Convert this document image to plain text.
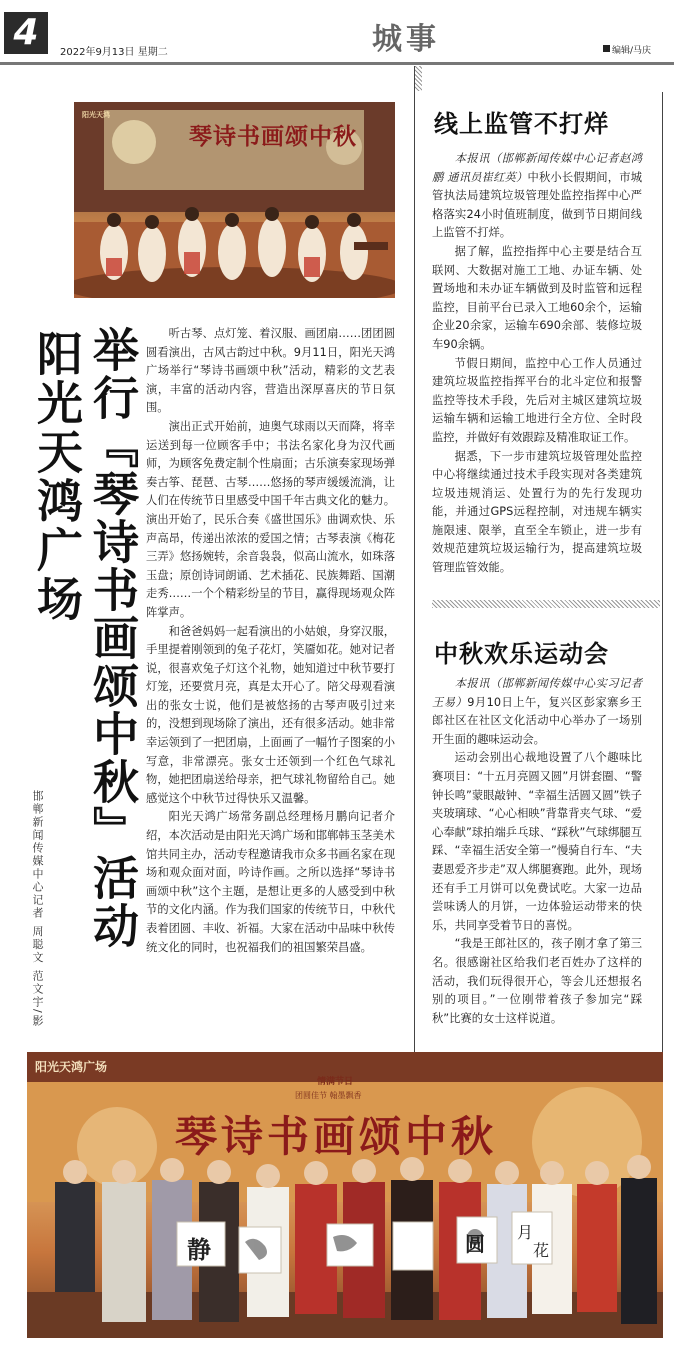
4	2022年9月13日 星期二	城事	编辑/马庆
阳光天鸿
琴诗书画颂中秋
阳光天鸿广场 举行『琴诗书画颂中秋』活动
邯郸新闻传媒中心记者 周聪文 范文宇/影

听古琴、点灯笼、着汉服、画团扇……团团圆圆看演出，古风古韵过中秋。9月11日，阳光天鸿广场举行“琴诗书画颂中秋”活动，精彩的文艺表演，丰富的活动内容，营造出深厚喜庆的节日氛围。

演出正式开始前，迪奥气球雨以天而降，将幸运送到每一位顾客手中；书法名家化身为汉代画师，为顾客免费定制个性扇面；古乐演奏家现场弹奏古筝、琵琶、古琴……悠扬的琴声缓缓流淌，让人们在传统节日里感受中国千年古典文化的魅力。演出开始了，民乐合奏《盛世国乐》曲调欢快、乐声高昂，传递出浓浓的爱国之情；古琴表演《梅花三弄》悠扬婉转，余音袅袅，似高山流水，如珠落玉盘；原创诗词朗诵、艺术插花、民族舞蹈、国潮走秀……一个个精彩纷呈的节目，赢得现场观众阵阵掌声。

和爸爸妈妈一起看演出的小姑娘，身穿汉服，手里提着刚领到的兔子花灯，笑靥如花。她对记者说，很喜欢兔子灯这个礼物，她知道过中秋节要打灯笼，还要赏月亮，真是太开心了。陪父母观看演出的张女士说，他们是被悠扬的古琴声吸引过来的，没想到现场除了演出，还有很多活动。她非常幸运领到了一把团扇，上面画了一幅竹子图案的小写意，非常漂亮。张女士还领到一个红色气球礼物，她把团扇送给母亲，把气球礼物留给自己。她感觉这个中秋节过得快乐又温馨。

阳光天鸿广场常务副总经理杨月鹏向记者介绍，本次活动是由阳光天鸿广场和邯郸韩玉茎美术馆共同主办，活动专程邀请我市众多书画名家在现场和观众面对面，吟诗作画。之所以选择“琴诗书画颂中秋”这个主题，是想让更多的人感受到中秋节的文化内涵。作为我们国家的传统节日，中秋代表着团圆、丰收、祈福。大家在活动中品味中秋传统文化的同时，也祝福我们的祖国繁荣昌盛。

线上监管不打烊

本报讯（邯郸新闻传媒中心记者赵鸿鹏 通讯员崔红英）中秋小长假期间，市城管执法局建筑垃圾管理处监控指挥中心严格落实24小时值班制度，做到节日期间线上监管不打烊。

据了解，监控指挥中心主要是结合互联网、大数据对施工工地、办证车辆、处置场地和未办证车辆做到及时监管和远程监控，目前平台已录入工地60余个，运输企业20余家，运输车690余部、装修垃圾车90余辆。

节假日期间，监控中心工作人员通过建筑垃圾监控指挥平台的北斗定位和报警监控等技术手段，先后对主城区建筑垃圾运输车辆和运输工地进行全方位、全时段监控，并做好有效跟踪及精准取证工作。

据悉，下一步市建筑垃圾管理处监控中心将继续通过技术手段实现对各类建筑垃圾违规消运、处置行为的先行发现功能，并通过GPS远程控制，对违规车辆实施限速、限挙，直至全车锁止，进一步有效规范建筑垃圾运输行为，提高建筑垃圾管理监管效能。

中秋欢乐运动会

本报讯（邯郸新闻传媒中心实习记者 王易）9月10日上午，复兴区彭家寨乡王郎社区在社区文化活动中心举办了一场别开生面的趣味运动会。

运动会别出心裁地设置了八个趣味比赛项目：“十五月亮圆又圆”月饼套圈、“警钟长鸣”蒙眼敲钟、“幸福生活圆又圆”铁子夹玻璃球、“心心相映”背靠背夹气球、“爱心奉献”球拍端乒乓球、“踩秋”气球绑腿互踩、“幸福生活安全第一”慢骑自行车、“夫妻恩爱齐步走”双人绑腿赛跑。此外，现场还有手工月饼可以免费试吃。大家一边品尝味诱人的月饼，一边体验运动带来的快乐，共同享受着节日的喜悦。

“我是王郎社区的，孩子刚才拿了第三名。很感谢社区给我们老百姓办了这样的活动，我们玩得很开心，等会儿还想报名别的项目。”一位刚带着孩子参加完“踩秋”比赛的女士这样说道。

阳光天鸿广场
情满节日
团圆佳节 翰墨飘香
琴诗书画颂中秋
静	圆 月
花
